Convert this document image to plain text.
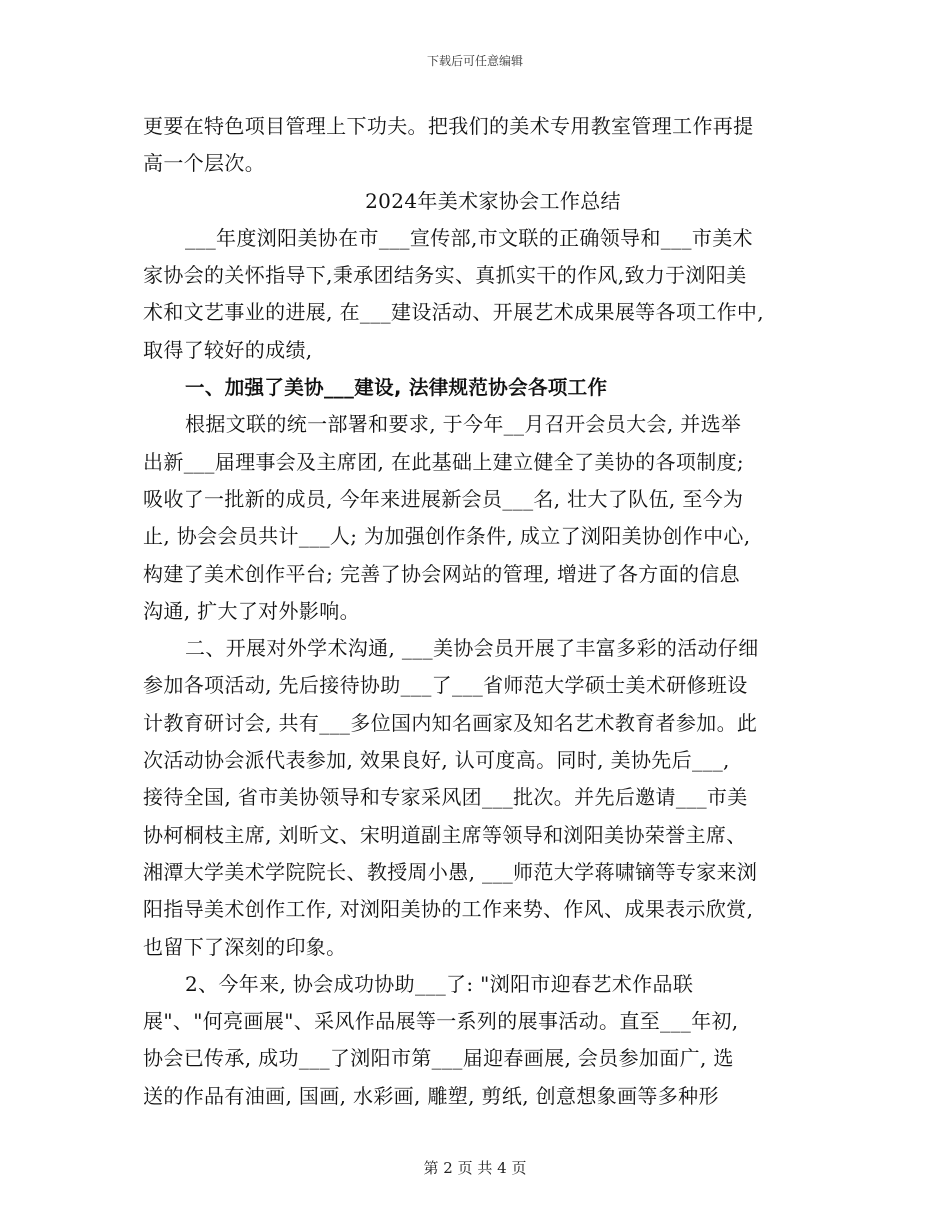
下载后可任意编辑
更要在特色项目管理上下功夫。把我们的美术专用教室管理工作再提
高一个层次。
2024年美术家协会工作总结
___年度浏阳美协在市___宣传部,市文联的正确领导和___市美术
家协会的关怀指导下,秉承团结务实、真抓实干的作风,致力于浏阳美
术和文艺事业的进展, 在___建设活动、开展艺术成果展等各项工作中,
取得了较好的成绩,
一、加强了美协___建设, 法律规范协会各项工作
根据文联的统一部署和要求, 于今年__月召开会员大会, 并选举
出新___届理事会及主席团, 在此基础上建立健全了美协的各项制度;
吸收了一批新的成员, 今年来进展新会员___名, 壮大了队伍, 至今为
止, 协会会员共计___人; 为加强创作条件, 成立了浏阳美协创作中心,
构建了美术创作平台; 完善了协会网站的管理, 增进了各方面的信息
沟通, 扩大了对外影响。
二、开展对外学术沟通, ___美协会员开展了丰富多彩的活动仔细
参加各项活动, 先后接待协助___了___省师范大学硕士美术研修班设
计教育研讨会, 共有___多位国内知名画家及知名艺术教育者参加。此
次活动协会派代表参加, 效果良好, 认可度高。同时, 美协先后___,
接待全国, 省市美协领导和专家采风团___批次。并先后邀请___市美
协柯桐枝主席, 刘昕文、宋明道副主席等领导和浏阳美协荣誉主席、
湘潭大学美术学院院长、教授周小愚, ___师范大学蒋啸镝等专家来浏
阳指导美术创作工作, 对浏阳美协的工作来势、作风、成果表示欣赏,
也留下了深刻的印象。
2、今年来, 协会成功协助___了: "浏阳市迎春艺术作品联
展"、"何亮画展"、采风作品展等一系列的展事活动。直至___年初,
协会已传承, 成功___了浏阳市第___届迎春画展, 会员参加面广, 选
送的作品有油画, 国画, 水彩画, 雕塑, 剪纸, 创意想象画等多种形
第 2 页 共 4 页
